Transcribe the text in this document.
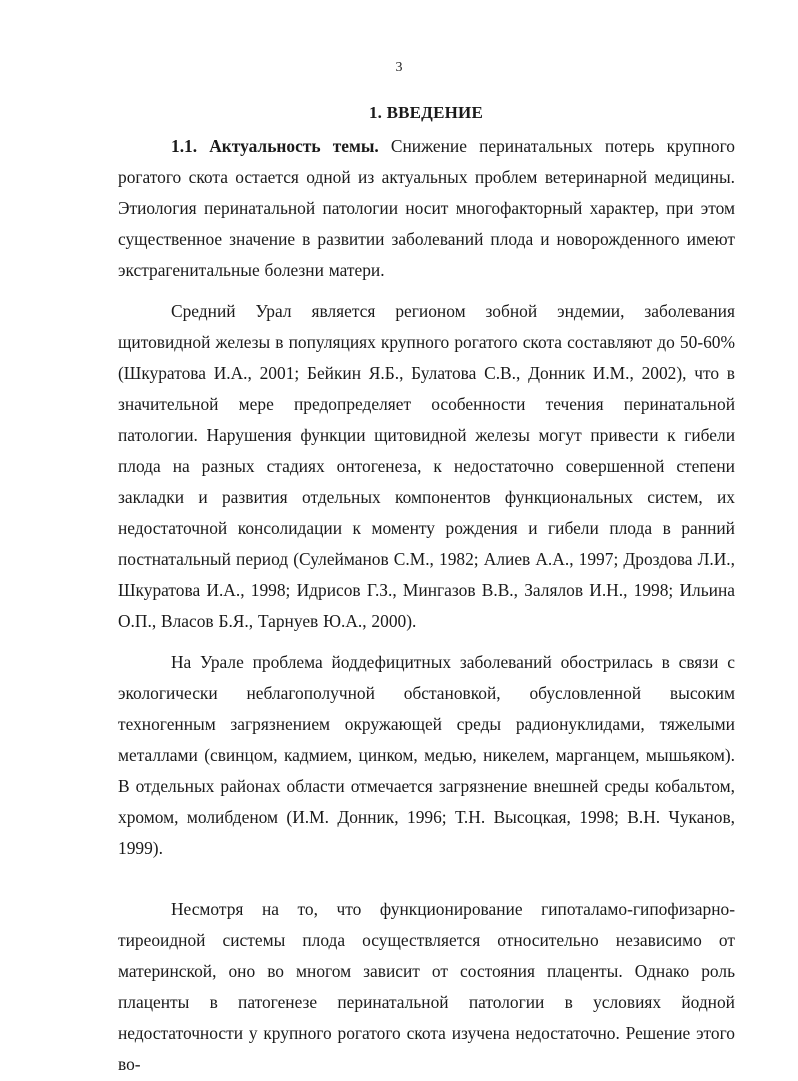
3
1. ВВЕДЕНИЕ

1.1. Актуальность темы. Снижение перинатальных потерь крупного рогатого скота остается одной из актуальных проблем ветеринарной медицины. Этиология перинатальной патологии носит многофакторный характер, при этом существенное значение в развитии заболеваний плода и новорожденного имеют экстрагенитальные болезни матери.

Средний Урал является регионом зобной эндемии, заболевания щитовидной железы в популяциях крупного рогатого скота составляют до 50-60% (Шкуратова И.А., 2001; Бейкин Я.Б., Булатова С.В., Донник И.М., 2002), что в значительной мере предопределяет особенности течения перинатальной патологии. Нарушения функции щитовидной железы могут привести к гибели плода на разных стадиях онтогенеза, к недостаточно совершенной степени закладки и развития отдельных компонентов функциональных систем, их недостаточной консолидации к моменту рождения и гибели плода в ранний постнатальный период (Сулейманов С.М., 1982; Алиев А.А., 1997; Дроздова Л.И., Шкуратова И.А., 1998; Идрисов Г.З., Мингазов В.В., Залялов И.Н., 1998; Ильина О.П., Власов Б.Я., Тарнуев Ю.А., 2000).

На Урале проблема йоддефицитных заболеваний обострилась в связи с экологически неблагополучной обстановкой, обусловленной высоким техногенным загрязнением окружающей среды радионуклидами, тяжелыми металлами (свинцом, кадмием, цинком, медью, никелем, марганцем, мышьяком). В отдельных районах области отмечается загрязнение внешней среды кобальтом, хромом, молибденом (И.М. Донник, 1996; Т.Н. Высоцкая, 1998; В.Н. Чуканов, 1999).

Несмотря на то, что функционирование гипоталамо-гипофизарно-тиреоидной системы плода осуществляется относительно независимо от материнской, оно во многом зависит от состояния плаценты. Однако роль плаценты в патогенезе перинатальной патологии в условиях йодной недостаточности у крупного рогатого скота изучена недостаточно. Решение этого во-
